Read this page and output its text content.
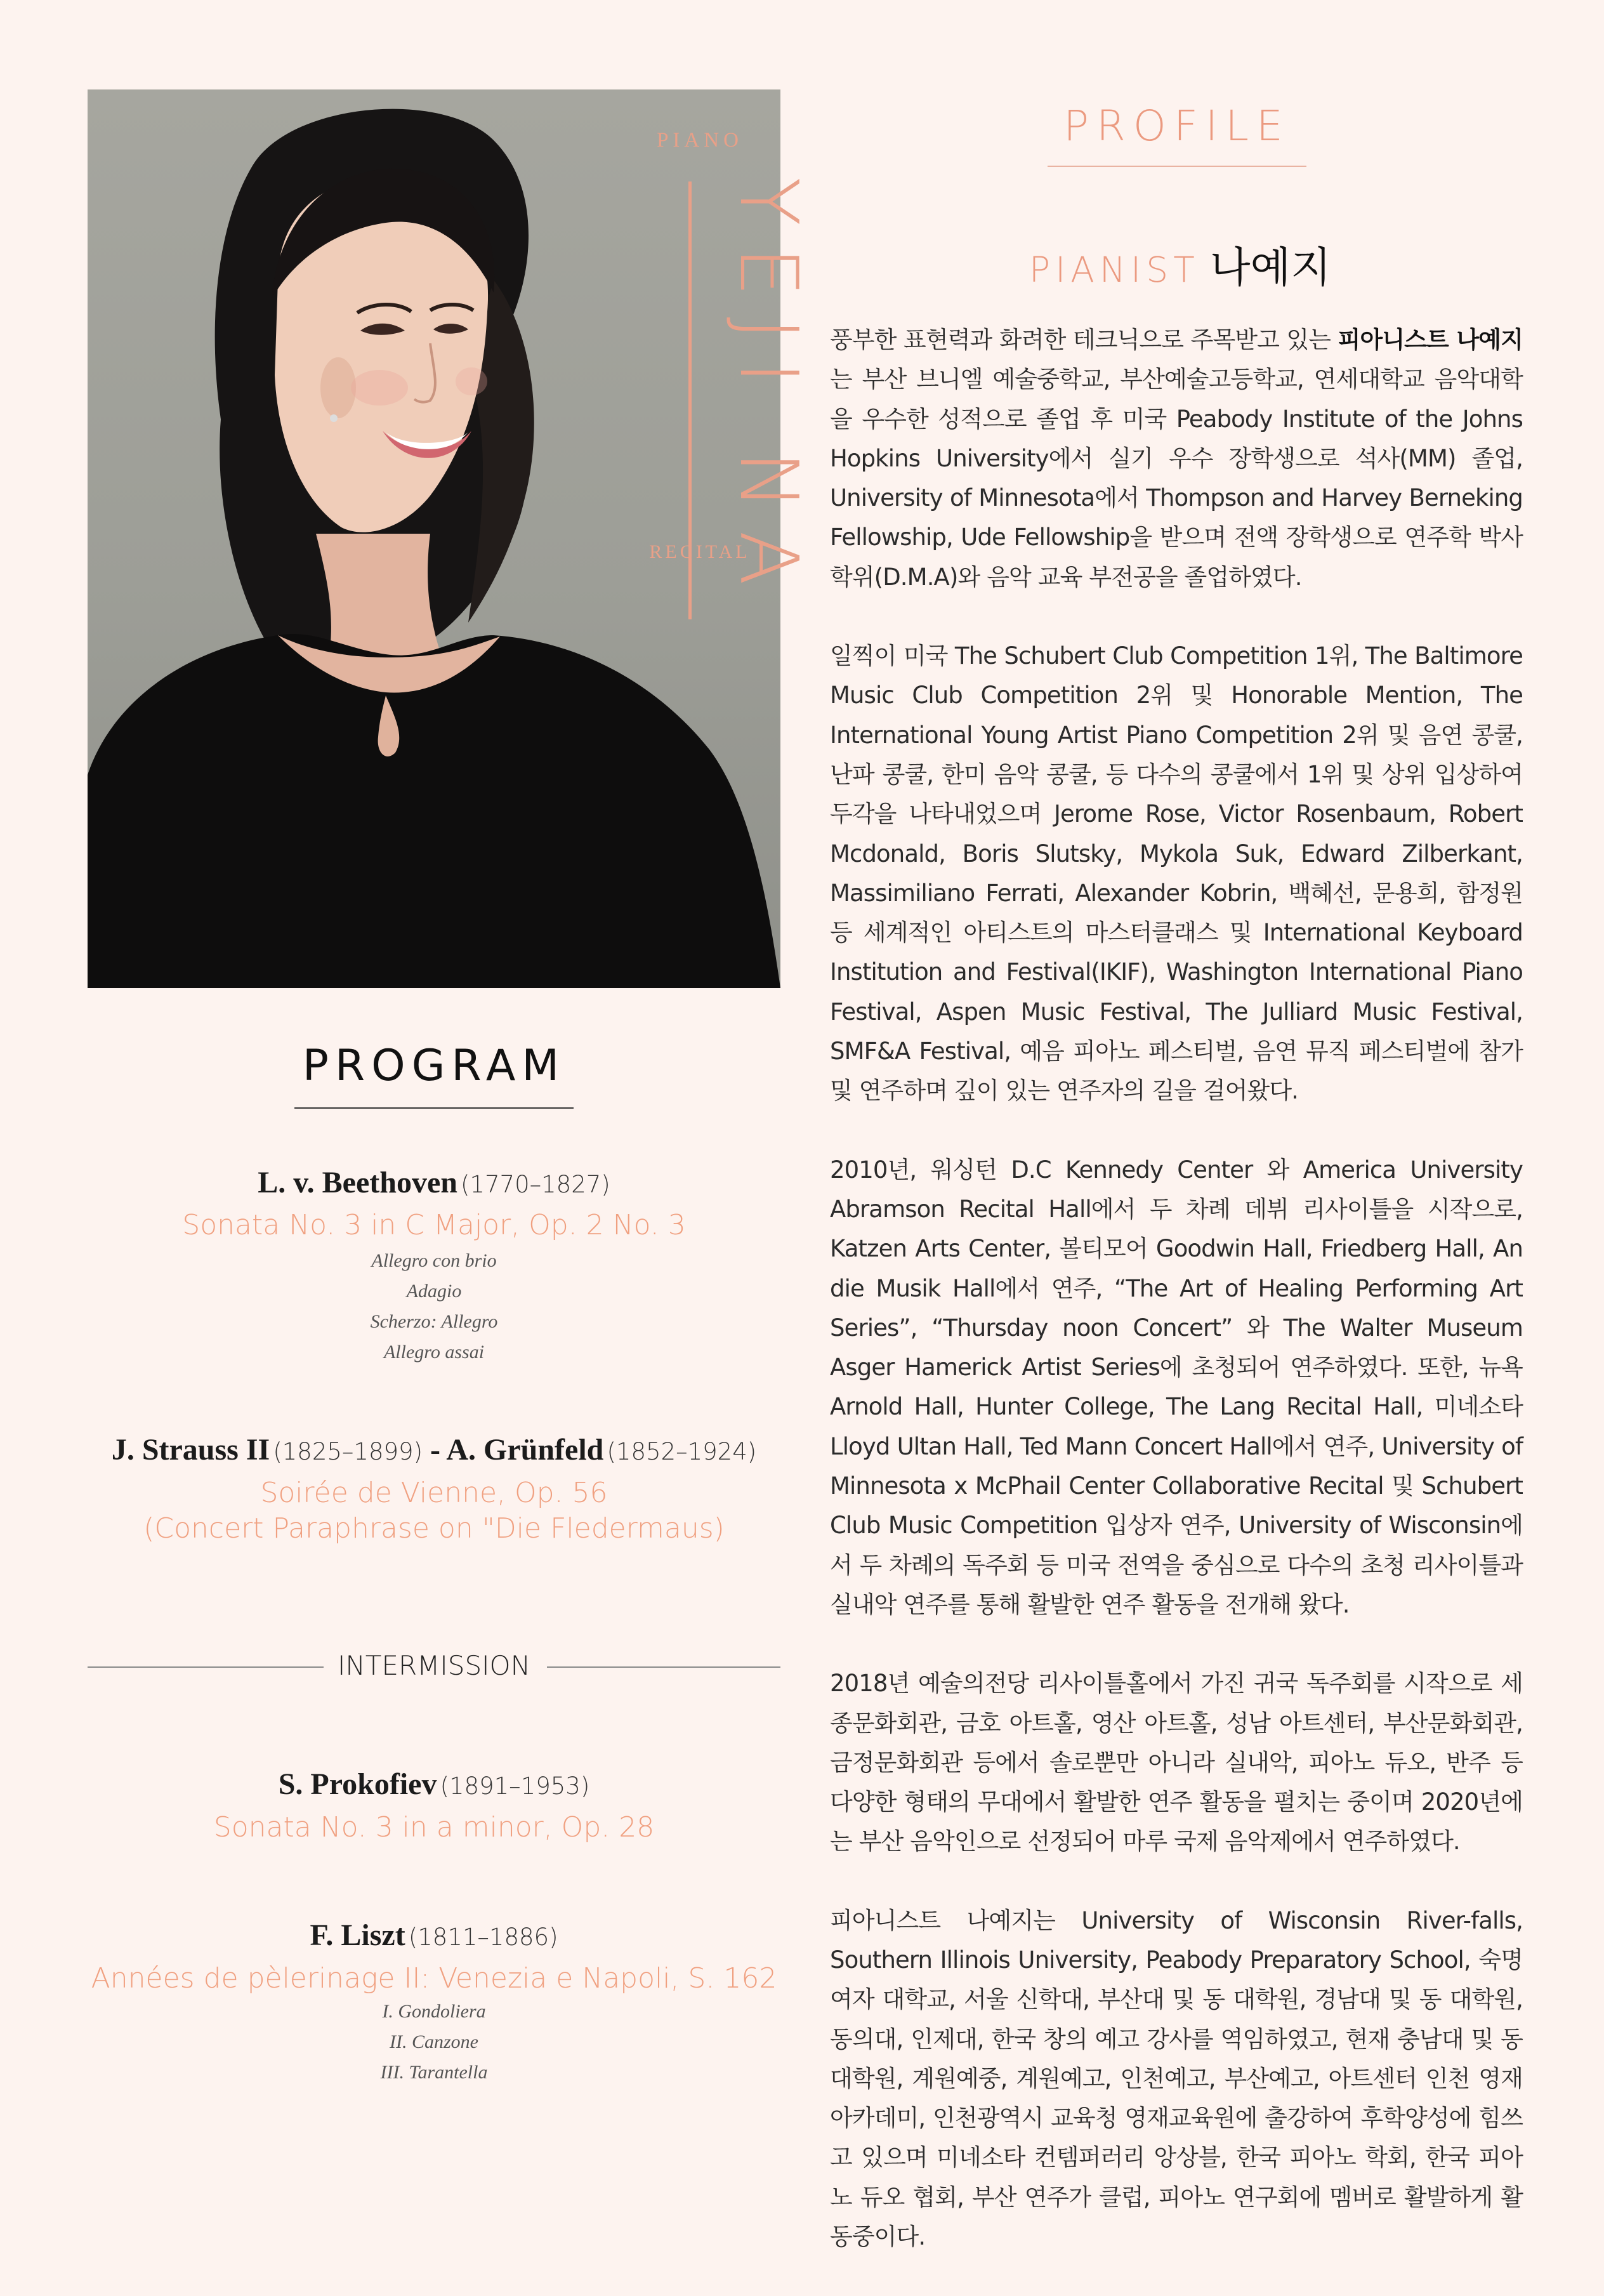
PIANO
YEJI NA
RECITAL
PROGRAM
L. v. Beethoven (1770–1827)
Sonata No. 3 in C Major, Op. 2 No. 3
Allegro con brio
Adagio
Scherzo: Allegro
Allegro assai
J. Strauss II (1825–1899) - A. Grünfeld (1852–1924)
Soirée de Vienne, Op. 56
(Concert Paraphrase on "Die Fledermaus)
INTERMISSION
S. Prokofiev (1891–1953)
Sonata No. 3 in a minor, Op. 28
F. Liszt (1811–1886)
Années de pèlerinage II: Venezia e Napoli, S. 162
I. Gondoliera
II. Canzone
III. Tarantella
PROFILE
PIANIST 나예지

풍부한 표현력과 화려한 테크닉으로 주목받고 있는 피아니스트 나예지는 부산 브니엘 예술중학교, 부산예술고등학교, 연세대학교 음악대학을 우수한 성적으로 졸업 후 미국 Peabody Institute of the Johns Hopkins University에서 실기 우수 장학생으로 석사(MM) 졸업, University of Minnesota에서 Thompson and Harvey Berneking Fellowship, Ude Fellowship을 받으며 전액 장학생으로 연주학 박사학위(D.M.A)와 음악 교육 부전공을 졸업하였다.

일찍이 미국 The Schubert Club Competition 1위, The Baltimore Music Club Competition 2위 및 Honorable Mention, The International Young Artist Piano Competition 2위 및 음연 콩쿨, 난파 콩쿨, 한미 음악 콩쿨, 등 다수의 콩쿨에서 1위 및 상위 입상하여 두각을 나타내었으며 Jerome Rose, Victor Rosenbaum, Robert Mcdonald, Boris Slutsky, Mykola Suk, Edward Zilberkant, Massimiliano Ferrati, Alexander Kobrin, 백혜선, 문용희, 함정원 등 세계적인 아티스트의 마스터클래스 및 International Keyboard Institution and Festival(IKIF), Washington International Piano Festival, Aspen Music Festival, The Julliard Music Festival, SMF&A Festival, 예음 피아노 페스티벌, 음연 뮤직 페스티벌에 참가 및 연주하며 깊이 있는 연주자의 길을 걸어왔다.

2010년, 워싱턴 D.C Kennedy Center 와 America University Abramson Recital Hall에서 두 차례 데뷔 리사이틀을 시작으로, Katzen Arts Center, 볼티모어 Goodwin Hall, Friedberg Hall, An die Musik Hall에서 연주, “The Art of Healing Performing Art Series”, “Thursday noon Concert” 와 The Walter Museum Asger Hamerick Artist Series에 초청되어 연주하였다. 또한, 뉴욕 Arnold Hall, Hunter College, The Lang Recital Hall, 미네소타 Lloyd Ultan Hall, Ted Mann Concert Hall에서 연주, University of Minnesota x McPhail Center Collaborative Recital 및 Schubert Club Music Competition 입상자 연주, University of Wisconsin에서 두 차례의 독주회 등 미국 전역을 중심으로 다수의 초청 리사이틀과 실내악 연주를 통해 활발한 연주 활동을 전개해 왔다.

2018년 예술의전당 리사이틀홀에서 가진 귀국 독주회를 시작으로 세종문화회관, 금호 아트홀, 영산 아트홀, 성남 아트센터, 부산문화회관, 금정문화회관 등에서 솔로뿐만 아니라 실내악, 피아노 듀오, 반주 등 다양한 형태의 무대에서 활발한 연주 활동을 펼치는 중이며 2020년에는 부산 음악인으로 선정되어 마루 국제 음악제에서 연주하였다.

피아니스트 나예지는 University of Wisconsin River-falls, Southern Illinois University, Peabody Preparatory School, 숙명 여자 대학교, 서울 신학대, 부산대 및 동 대학원, 경남대 및 동 대학원, 동의대, 인제대, 한국 창의 예고 강사를 역임하였고, 현재 충남대 및 동 대학원, 계원예중, 계원예고, 인천예고, 부산예고, 아트센터 인천 영재 아카데미, 인천광역시 교육청 영재교육원에 출강하여 후학양성에 힘쓰고 있으며 미네소타 컨템퍼러리 앙상블, 한국 피아노 학회, 한국 피아노 듀오 협회, 부산 연주가 클럽, 피아노 연구회에 멤버로 활발하게 활동중이다.
